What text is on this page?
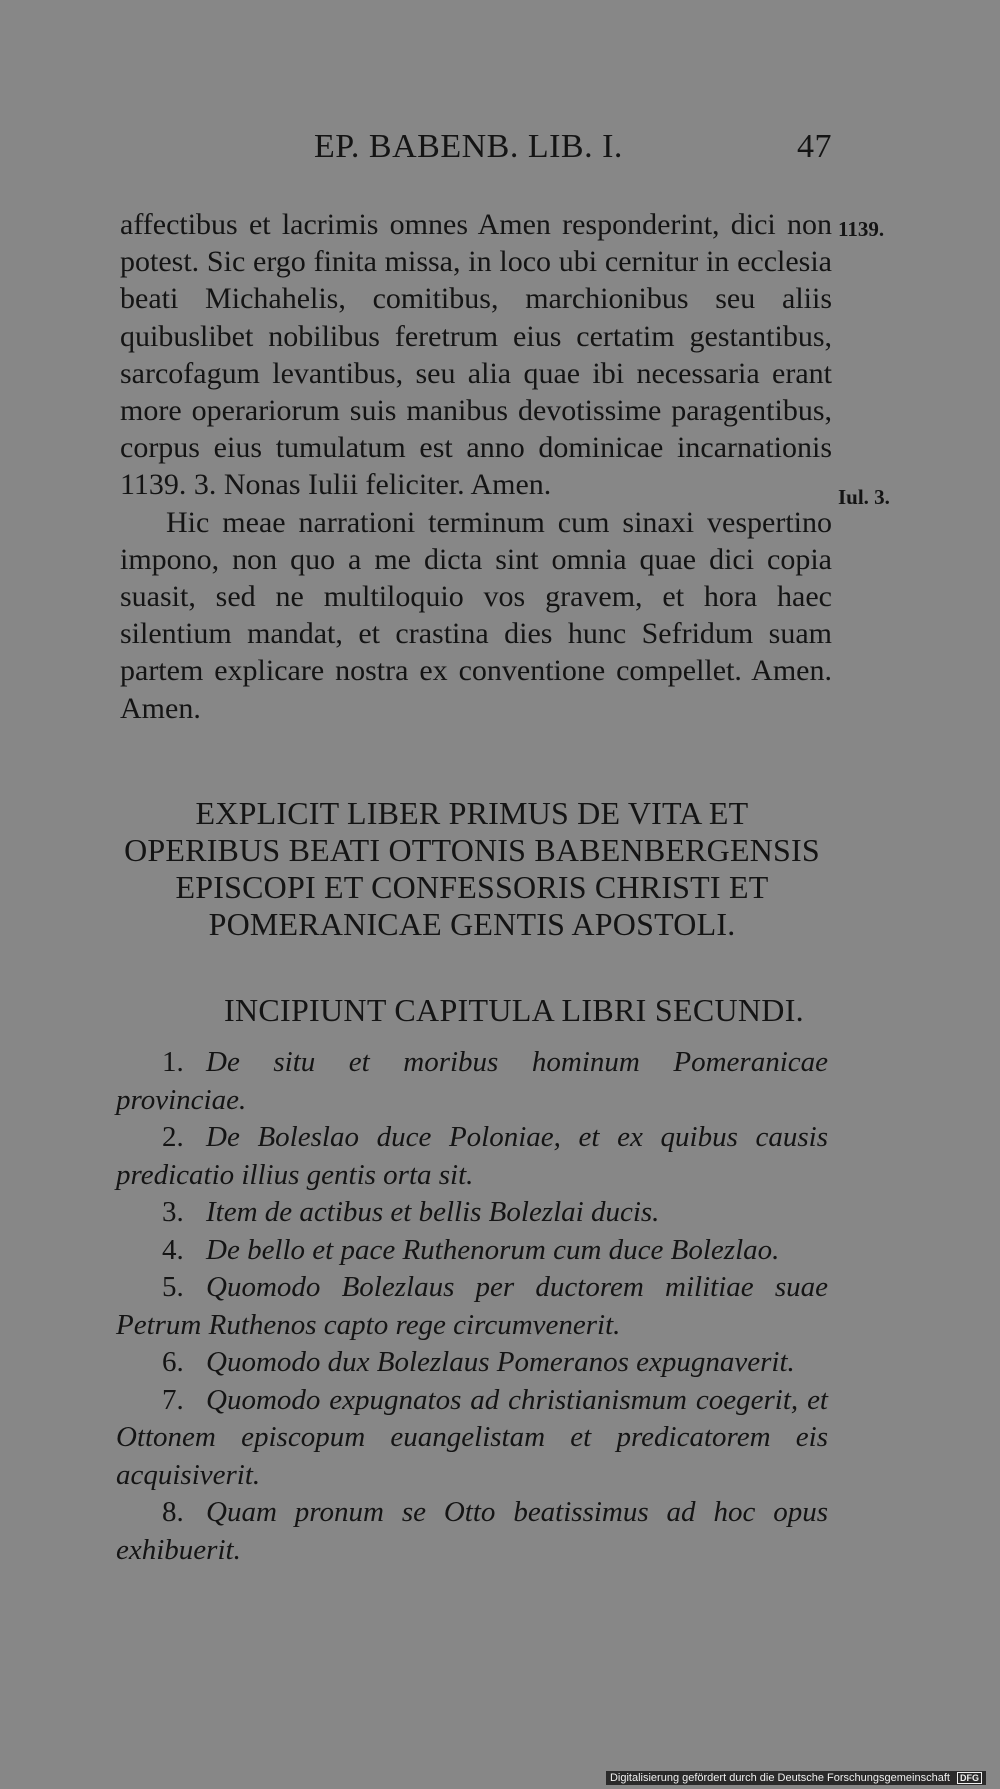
EP. BABENB. LIB. I.	47
1139.
Iul. 3.

affectibus et lacrimis omnes Amen responderint, dici non potest. Sic ergo finita missa, in loco ubi cernitur in ecclesia beati Michahelis, comitibus, marchionibus seu aliis quibuslibet nobilibus feretrum eius certatim gestantibus, sarcofagum levantibus, seu alia quae ibi necessaria erant more operariorum suis manibus devotissime paragentibus, corpus eius tumulatum est anno dominicae incarnationis 1139. 3. Nonas Iulii feliciter. Amen.

Hic meae narrationi terminum cum sinaxi vespertino impono, non quo a me dicta sint omnia quae dici copia suasit, sed ne multiloquio vos gravem, et hora haec silentium mandat, et crastina dies hunc Sefridum suam partem explicare nostra ex conventione compellet. Amen. Amen.

EXPLICIT LIBER PRIMUS DE VITA ET OPERIBUS BEATI OTTONIS BABENBERGENSIS EPISCOPI ET CONFESSORIS CHRISTI ET POMERANICAE GENTIS APOSTOLI.
INCIPIUNT CAPITULA LIBRI SECUNDI.
1. De situ et moribus hominum Pomeranicae provinciae.
2. De Boleslao duce Poloniae, et ex quibus causis predicatio illius gentis orta sit.
3. Item de actibus et bellis Bolezlai ducis.
4. De bello et pace Ruthenorum cum duce Bolezlao.
5. Quomodo Bolezlaus per ductorem militiae suae Petrum Ruthenos capto rege circumvenerit.
6. Quomodo dux Bolezlaus Pomeranos expugnaverit.
7. Quomodo expugnatos ad christianismum coegerit, et Ottonem episcopum euangelistam et predicatorem eis acquisiverit.
8. Quam pronum se Otto beatissimus ad hoc opus exhibuerit.
Digitalisierung gefördert durch die Deutsche Forschungsgemeinschaft DFG
